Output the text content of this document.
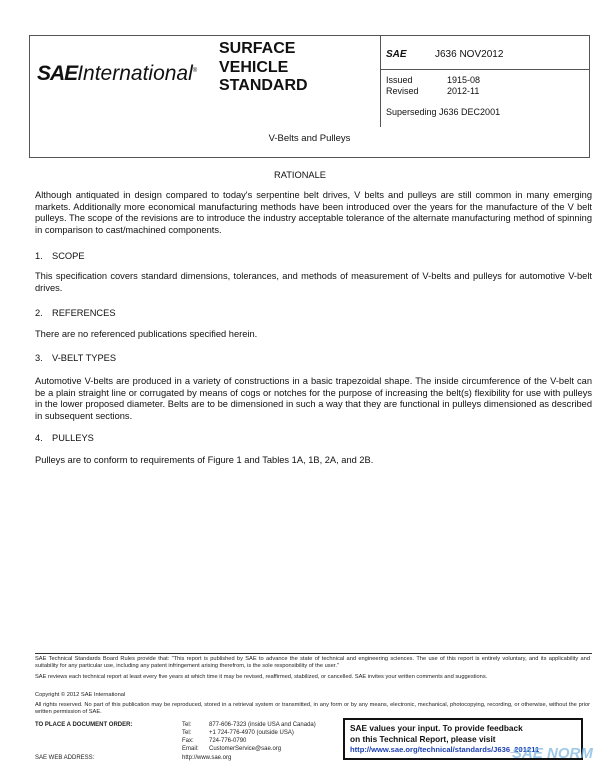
SAEInternational®
SURFACE
VEHICLE
STANDARD
SAE	J636 NOV2012
Issued	1915-08
Revised	2012-11
Superseding J636 DEC2001
V-Belts and Pulleys
RATIONALE
Although antiquated in design compared to today's serpentine belt drives, V belts and pulleys are still common in many emerging markets. Additionally more economical manufacturing methods have been introduced over the years for the manufacture of the V belt pulleys. The scope of the revisions are to introduce the industry acceptable tolerance of the alternate manufacturing method of spinning in comparison to cast/machined components.
1. SCOPE
This specification covers standard dimensions, tolerances, and methods of measurement of V-belts and pulleys for automotive V-belt drives.
2. REFERENCES
There are no referenced publications specified herein.
3. V-BELT TYPES
Automotive V-belts are produced in a variety of constructions in a basic trapezoidal shape. The inside circumference of the V-belt can be a plain straight line or corrugated by means of cogs or notches for the purpose of increasing the belt(s) flexibility for use with pulleys in the lower proposed diameter. Belts are to be dimensioned in such a way that they are functional in pulleys dimensioned as described in subsequent sections.
4. PULLEYS
Pulleys are to conform to requirements of Figure 1 and Tables 1A, 1B, 2A, and 2B.
SAE Technical Standards Board Rules provide that: "This report is published by SAE to advance the state of technical and engineering sciences. The use of this report is entirely voluntary, and its applicability and suitability for any particular use, including any patent infringement arising therefrom, is the sole responsibility of the user."
SAE reviews each technical report at least every five years at which time it may be revised, reaffirmed, stabilized, or cancelled. SAE invites your written comments and suggestions.
Copyright © 2012 SAE International
All rights reserved. No part of this publication may be reproduced, stored in a retrieval system or transmitted, in any form or by any means, electronic, mechanical, photocopying, recording, or otherwise, without the prior written permission of SAE.
TO PLACE A DOCUMENT ORDER:	Tel:	877-606-7323 (inside USA and Canada)
Tel:	+1 724-776-4970 (outside USA)
Fax:	724-776-0790
Email: CustomerService@sae.org
SAE WEB ADDRESS:	http://www.sae.org
SAE values your input. To provide feedback
on this Technical Report, please visit
http://www.sae.org/technical/standards/J636_201211
SAE NORM
